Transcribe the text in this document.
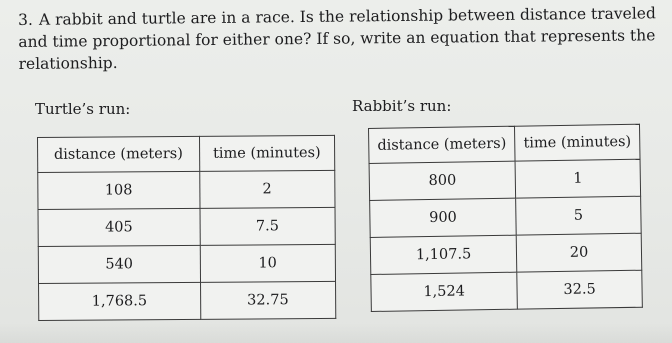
3. A rabbit and turtle are in a race. Is the relationship between distance traveled and time proportional for either one? If so, write an equation that represents the relationship.
Turtle’s run:	Rabbit’s run:
distance (meters)	time (minutes)
108	2
405	7.5
540	10
1,768.5	32.75
distance (meters)	time (minutes)
800	1
900	5
1,107.5	20
1,524	32.5
